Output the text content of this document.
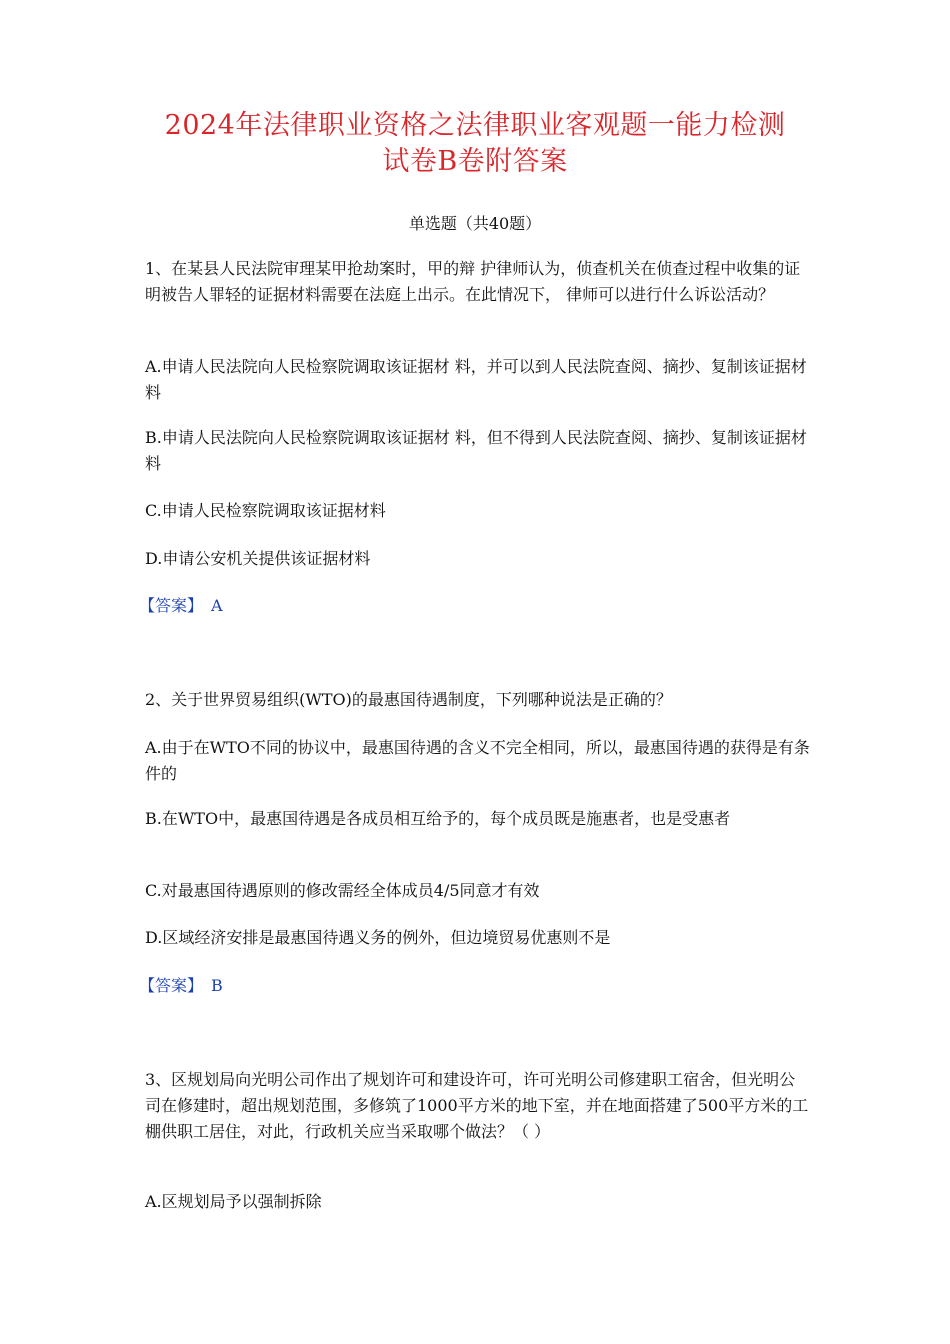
2024年法律职业资格之法律职业客观题一能力检测
试卷B卷附答案
单选题（共40题）

1、在某县人民法院审理某甲抢劫案时，甲的辩 护律师认为，侦查机关在侦查过程中收集的证明被告人罪轻的证据材料需要在法庭上出示。在此情况下， 律师可以进行什么诉讼活动？

A.申请人民法院向人民检察院调取该证据材 料，并可以到人民法院查阅、摘抄、复制该证据材料

B.申请人民法院向人民检察院调取该证据材 料，但不得到人民法院查阅、摘抄、复制该证据材料

C.申请人民检察院调取该证据材料

D.申请公安机关提供该证据材料

【答案】 A

2、关于世界贸易组织(WTO)的最惠国待遇制度，下列哪种说法是正确的？

A.由于在WTO不同的协议中，最惠国待遇的含义不完全相同，所以，最惠国待遇的获得是有条件的

B.在WTO中，最惠国待遇是各成员相互给予的，每个成员既是施惠者，也是受惠者

C.对最惠国待遇原则的修改需经全体成员4/5同意才有效

D.区域经济安排是最惠国待遇义务的例外，但边境贸易优惠则不是

【答案】 B

3、区规划局向光明公司作出了规划许可和建设许可，许可光明公司修建职工宿舍，但光明公司在修建时，超出规划范围，多修筑了1000平方米的地下室，并在地面搭建了500平方米的工棚供职工居住，对此，行政机关应当采取哪个做法？（ ）

A.区规划局予以强制拆除
